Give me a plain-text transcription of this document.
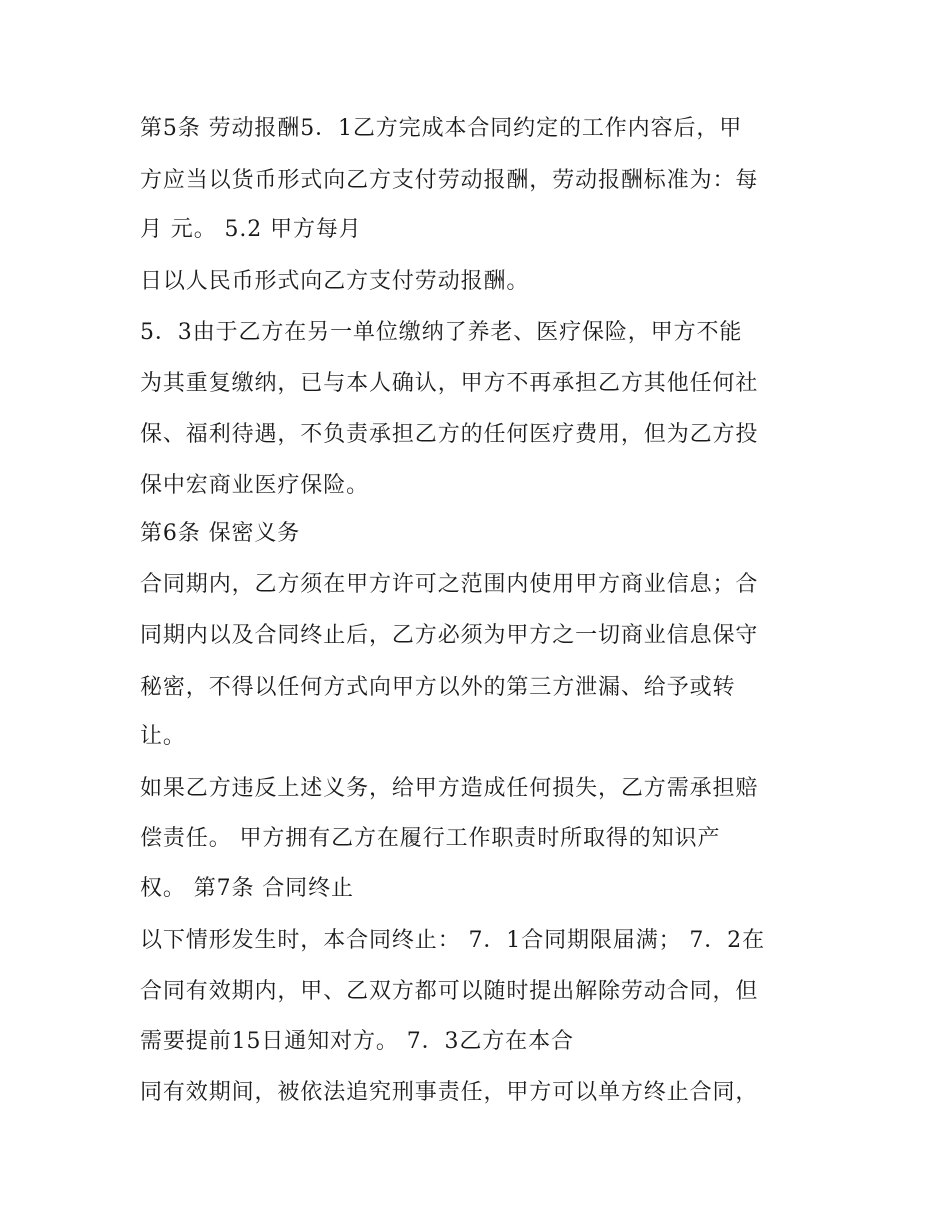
第5条 劳动报酬5．1乙方完成本合同约定的工作内容后，甲
方应当以货币形式向乙方支付劳动报酬，劳动报酬标准为：每
月 元。 5.2 甲方每月
日以人民币形式向乙方支付劳动报酬。
5．3由于乙方在另一单位缴纳了养老、医疗保险，甲方不能
为其重复缴纳，已与本人确认，甲方不再承担乙方其他任何社
保、福利待遇，不负责承担乙方的任何医疗费用，但为乙方投
保中宏商业医疗保险。
第6条 保密义务
合同期内，乙方须在甲方许可之范围内使用甲方商业信息；合
同期内以及合同终止后，乙方必须为甲方之一切商业信息保守
秘密，不得以任何方式向甲方以外的第三方泄漏、给予或转
让。
如果乙方违反上述义务，给甲方造成任何损失，乙方需承担赔
偿责任。 甲方拥有乙方在履行工作职责时所取得的知识产
权。 第7条 合同终止
以下情形发生时，本合同终止： 7．1合同期限届满； 7．2在
合同有效期内，甲、乙双方都可以随时提出解除劳动合同，但
需要提前15日通知对方。 7．3乙方在本合
同有效期间，被依法追究刑事责任，甲方可以单方终止合同，
